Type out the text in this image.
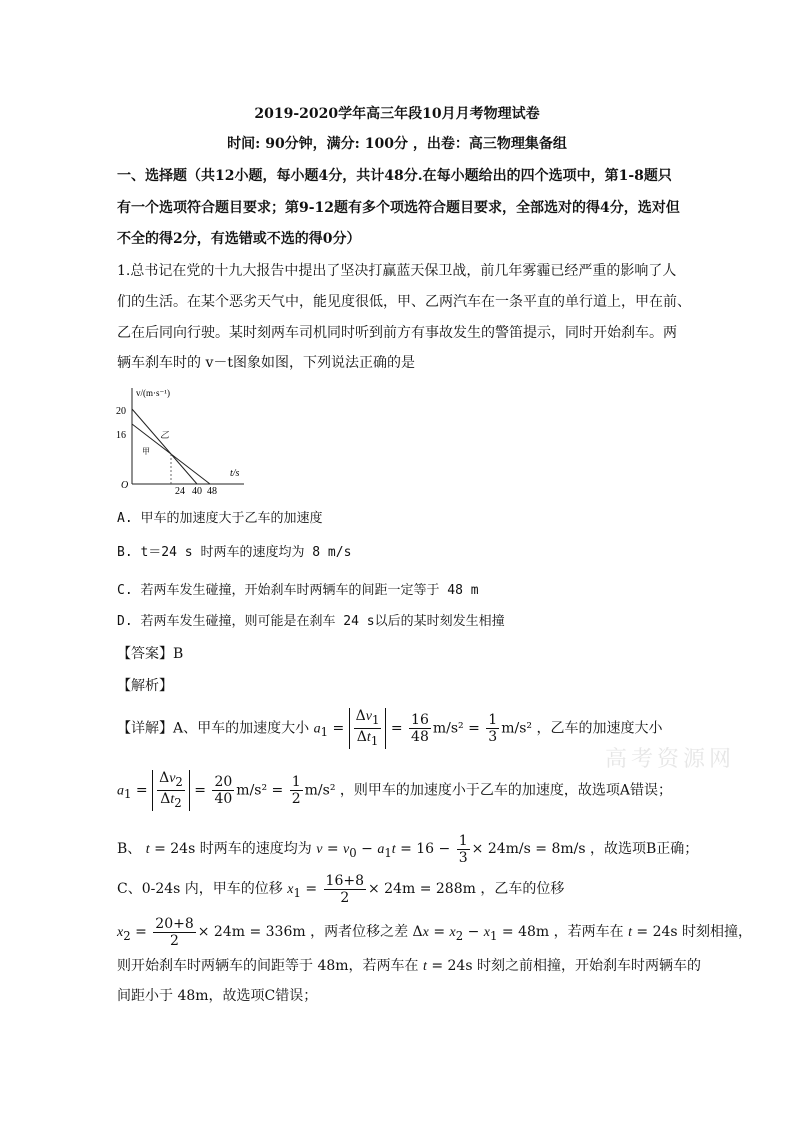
2019-2020学年高三年段10月月考物理试卷
时间: 90分钟，满分: 100分 ，出卷：高三物理集备组
一、选择题（共12小题，每小题4分，共计48分.在每小题给出的四个选项中，第1-8题只
有一个选项符合题目要求；第9-12题有多个项选符合题目要求，全部选对的得4分，选对但
不全的得2分，有选错或不选的得0分）
1.总书记在党的十九大报告中提出了坚决打赢蓝天保卫战，前几年雾霾已经严重的影响了人
们的生活。在某个恶劣天气中，能见度很低，甲、乙两汽车在一条平直的单行道上，甲在前、
乙在后同向行驶。某时刻两车司机同时听到前方有事故发生的警笛提示，同时开始刹车。两
辆车刹车时的 v－t图象如图，下列说法正确的是
v/(m·s⁻¹)
t/s
O
20
16
24 40 48
乙
甲
A. 甲车的加速度大于乙车的加速度
B. t＝24 s 时两车的速度均为 8 m/s
C. 若两车发生碰撞，开始刹车时两辆车的间距一定等于 48 m
D. 若两车发生碰撞，则可能是在刹车 24 s以后的某时刻发生相撞
【答案】B
【解析】
【详解】A、甲车的加速度大小 $a_1 = \frac{\Delta v_1}{\Delta t_1} = \frac{16}{48} m/s^2 = \frac{1}{3} m/s^2$ ，乙车的加速度大小
$a_1 = \frac{\Delta v_2}{\Delta t_2} = \frac{20}{40} m/s^2 = \frac{1}{2} m/s^2$ ，则甲车的加速度小于乙车的加速度，故选项A错误；
B、 t = 24s 时两车的速度均为 $v = v_0 - a_1t = 16 - \frac{1}{3} \times 24m/s = 8m/s$ ，故选项B正确；
C、0-24s 内，甲车的位移 $x_1 = \frac{16+8}{2} \times 24m = 288m$ ，乙车的位移
$x_2 = \frac{20+8}{2} \times 24m = 336m$ ，两者位移之差 $\Delta x = x_2 - x_1 = 48m$ ，若两车在 t = 24s 时刻相撞，
则开始刹车时两辆车的间距等于 48m，若两车在 t = 24s 时刻之前相撞，开始刹车时两辆车的
间距小于 48m，故选项C错误；
高考资源网
